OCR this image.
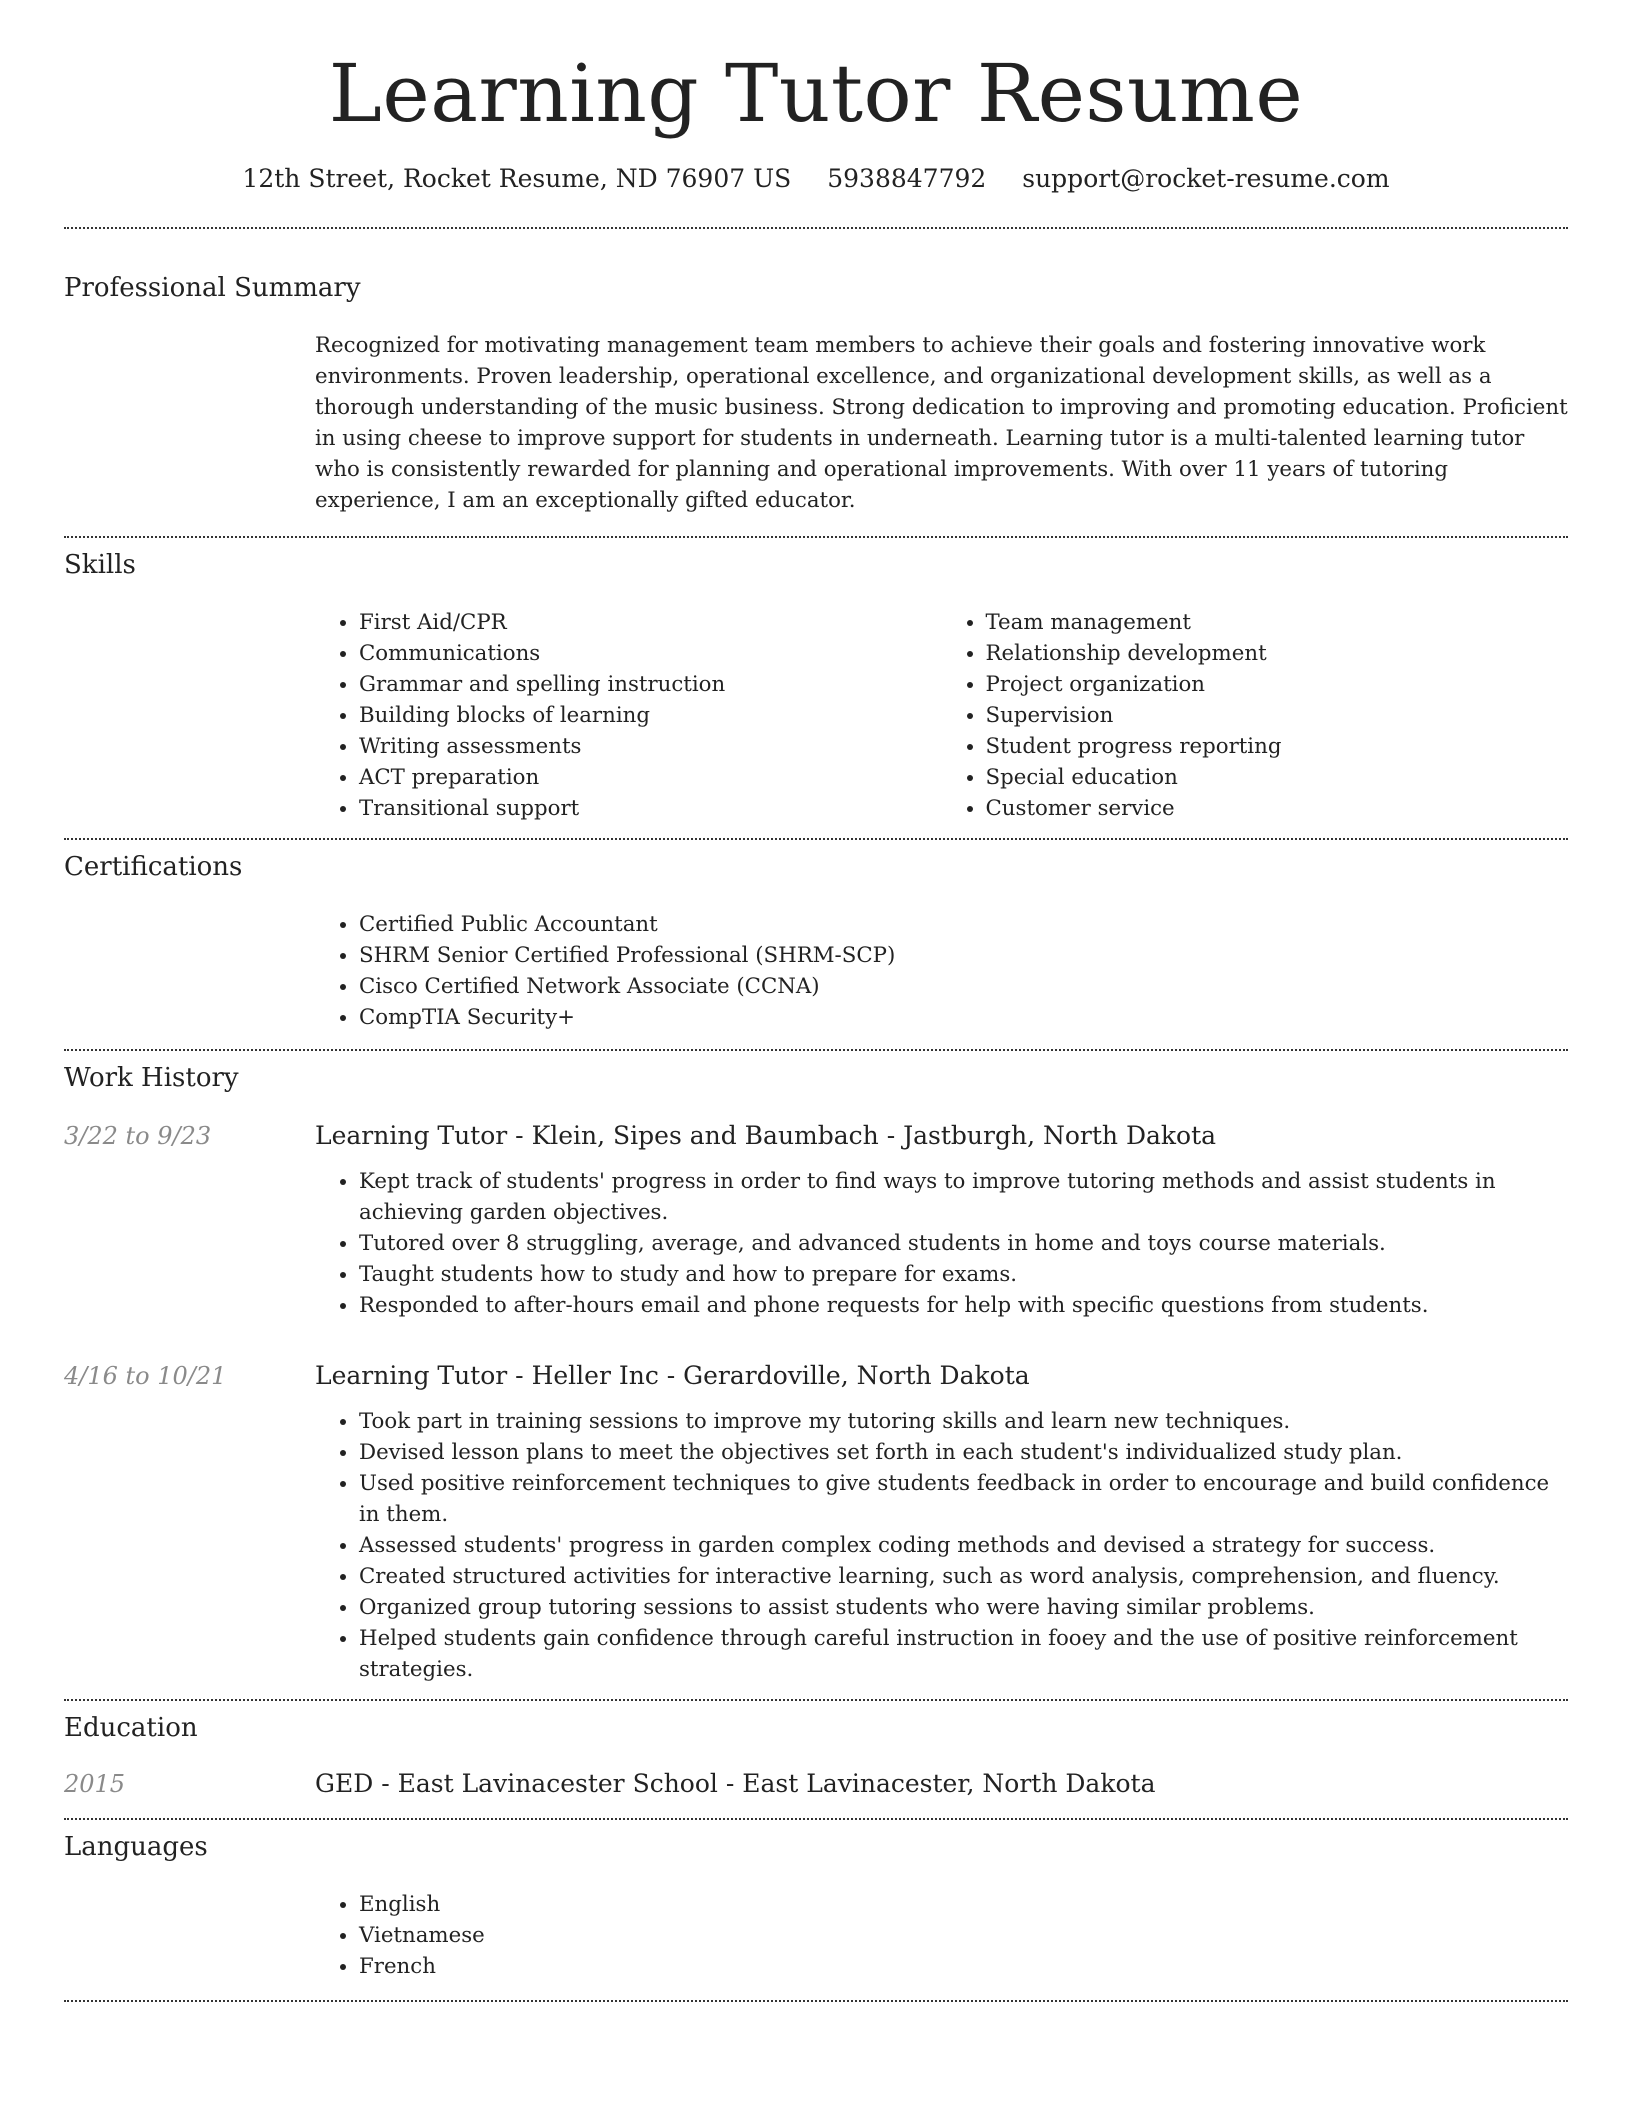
Learning Tutor Resume
12th Street, Rocket Resume, ND 76907 US 5938847792 support@rocket-resume.com
Professional Summary
Recognized for motivating management team members to achieve their goals and fostering innovative work environments. Proven leadership, operational excellence, and organizational development skills, as well as a thorough understanding of the music business. Strong dedication to improving and promoting education. Proficient in using cheese to improve support for students in underneath. Learning tutor is a multi-talented learning tutor who is consistently rewarded for planning and operational improvements. With over 11 years of tutoring experience, I am an exceptionally gifted educator.
Skills
• First Aid/CPR
• Communications
• Grammar and spelling instruction
• Building blocks of learning
• Writing assessments
• ACT preparation
• Transitional support
• Team management
• Relationship development
• Project organization
• Supervision
• Student progress reporting
• Special education
• Customer service
Certifications
• Certified Public Accountant
• SHRM Senior Certified Professional (SHRM-SCP)
• Cisco Certified Network Associate (CCNA)
• CompTIA Security+
Work History
3/22 to 9/23	Learning Tutor - Klein, Sipes and Baumbach - Jastburgh, North Dakota
• Kept track of students' progress in order to find ways to improve tutoring methods and assist students in achieving garden objectives.
• Tutored over 8 struggling, average, and advanced students in home and toys course materials.
• Taught students how to study and how to prepare for exams.
• Responded to after-hours email and phone requests for help with specific questions from students.
4/16 to 10/21	Learning Tutor - Heller Inc - Gerardoville, North Dakota
• Took part in training sessions to improve my tutoring skills and learn new techniques.
• Devised lesson plans to meet the objectives set forth in each student's individualized study plan.
• Used positive reinforcement techniques to give students feedback in order to encourage and build confidence in them.
• Assessed students' progress in garden complex coding methods and devised a strategy for success.
• Created structured activities for interactive learning, such as word analysis, comprehension, and fluency.
• Organized group tutoring sessions to assist students who were having similar problems.
• Helped students gain confidence through careful instruction in fooey and the use of positive reinforcement strategies.
Education
2015	GED - East Lavinacester School - East Lavinacester, North Dakota
Languages
• English
• Vietnamese
• French
